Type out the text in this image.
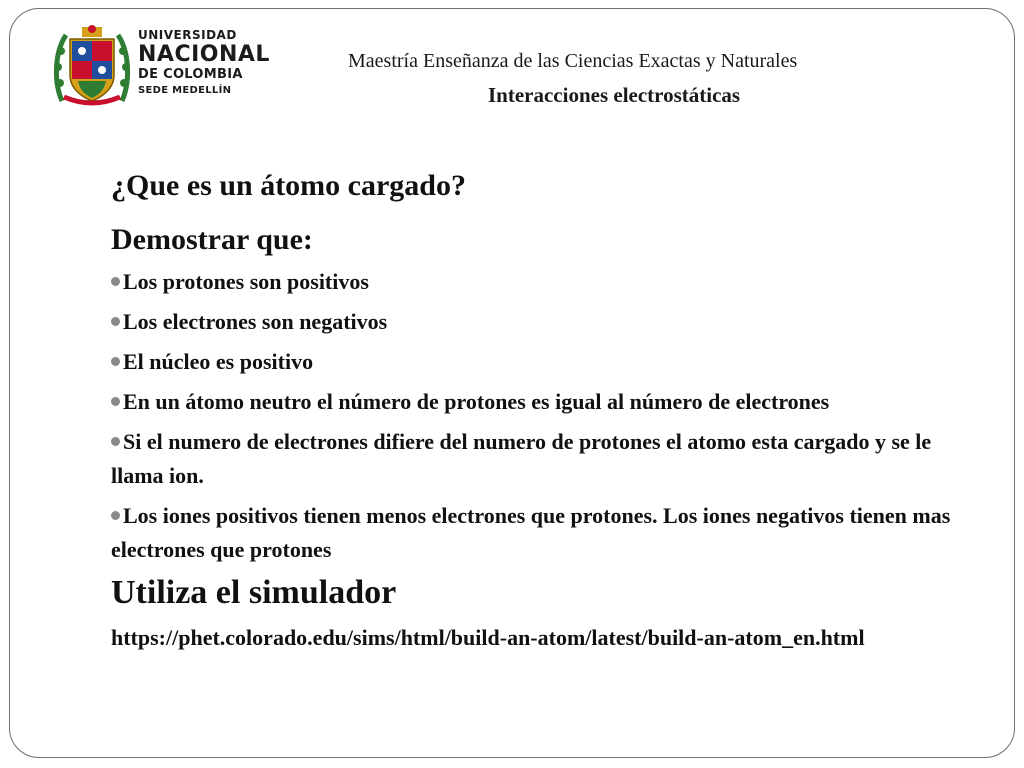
UNIVERSIDAD
NACIONAL
DE COLOMBIA
SEDE MEDELLÍN
Maestría Enseñanza de las Ciencias Exactas y Naturales
Interacciones electrostáticas
¿Que es un átomo cargado?
Demostrar que:
Los protones son positivos
Los electrones son negativos
El núcleo es positivo
En un átomo neutro el número de protones es igual al número de electrones
Si el numero de electrones difiere del numero de protones el atomo esta cargado y se le llama ion.
Los iones positivos tienen menos electrones que protones. Los iones negativos tienen mas electrones que protones
Utiliza el simulador
https://phet.colorado.edu/sims/html/build-an-atom/latest/build-an-atom_en.html
